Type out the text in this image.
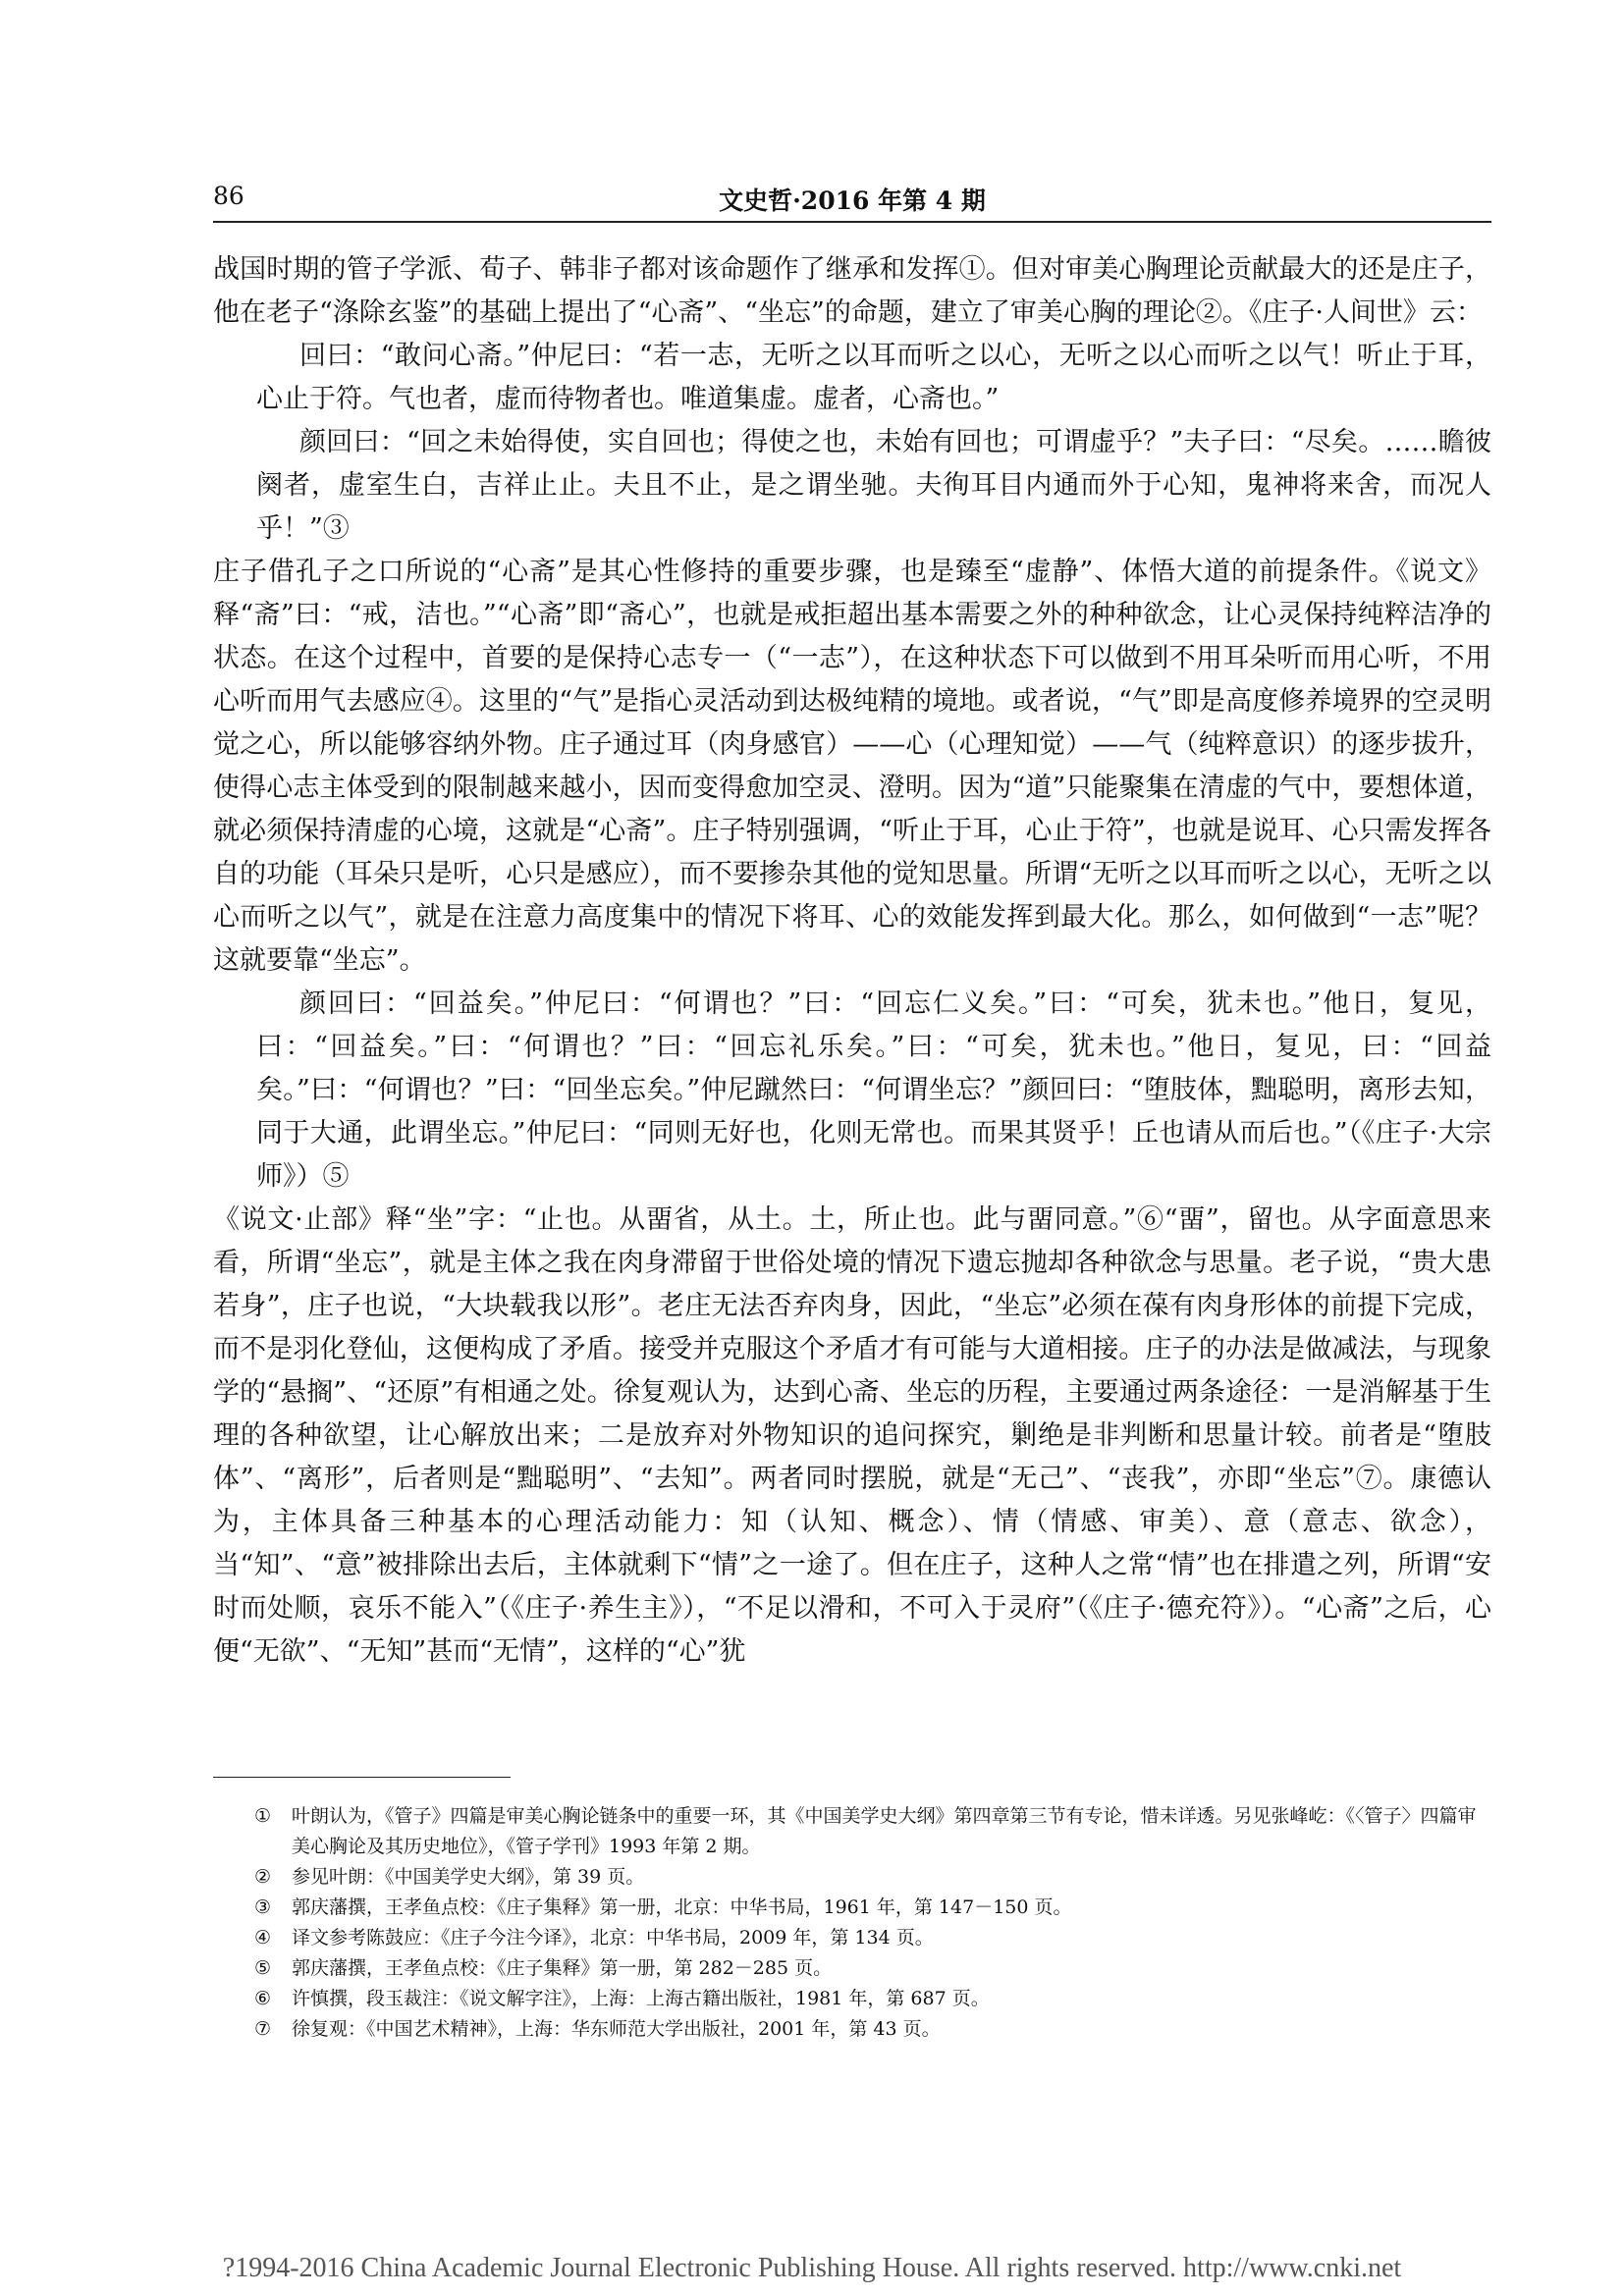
86	文史哲·2016 年第 4 期

战国时期的管子学派、荀子、韩非子都对该命题作了继承和发挥①。但对审美心胸理论贡献最大的还是庄子，他在老子“涤除玄鉴”的基础上提出了“心斋”、“坐忘”的命题，建立了审美心胸的理论②。《庄子·人间世》云：

回曰：“敢问心斋。”仲尼曰：“若一志，无听之以耳而听之以心，无听之以心而听之以气！听止于耳，心止于符。气也者，虚而待物者也。唯道集虚。虚者，心斋也。”

颜回曰：“回之未始得使，实自回也；得使之也，未始有回也；可谓虚乎？”夫子曰：“尽矣。……瞻彼阕者，虚室生白，吉祥止止。夫且不止，是之谓坐驰。夫徇耳目内通而外于心知，鬼神将来舍，而况人乎！”③

庄子借孔子之口所说的“心斋”是其心性修持的重要步骤，也是臻至“虚静”、体悟大道的前提条件。《说文》释“斋”曰：“戒，洁也。”“心斋”即“斋心”，也就是戒拒超出基本需要之外的种种欲念，让心灵保持纯粹洁净的状态。在这个过程中，首要的是保持心志专一（“一志”），在这种状态下可以做到不用耳朵听而用心听，不用心听而用气去感应④。这里的“气”是指心灵活动到达极纯精的境地。或者说，“气”即是高度修养境界的空灵明觉之心，所以能够容纳外物。庄子通过耳（肉身感官）——心（心理知觉）——气（纯粹意识）的逐步拔升，使得心志主体受到的限制越来越小，因而变得愈加空灵、澄明。因为“道”只能聚集在清虚的气中，要想体道，就必须保持清虚的心境，这就是“心斋”。庄子特别强调，“听止于耳，心止于符”，也就是说耳、心只需发挥各自的功能（耳朵只是听，心只是感应），而不要掺杂其他的觉知思量。所谓“无听之以耳而听之以心，无听之以心而听之以气”，就是在注意力高度集中的情况下将耳、心的效能发挥到最大化。那么，如何做到“一志”呢？这就要靠“坐忘”。

颜回曰：“回益矣。”仲尼曰：“何谓也？”曰：“回忘仁义矣。”曰：“可矣，犹未也。”他日，复见，曰：“回益矣。”曰：“何谓也？”曰：“回忘礼乐矣。”曰：“可矣，犹未也。”他日，复见，曰：“回益矣。”曰：“何谓也？”曰：“回坐忘矣。”仲尼蹴然曰：“何谓坐忘？”颜回曰：“堕肢体，黜聪明，离形去知，同于大通，此谓坐忘。”仲尼曰：“同则无好也，化则无常也。而果其贤乎！丘也请从而后也。”（《庄子·大宗师》）⑤

《说文·止部》释“坐”字：“止也。从畱省，从土。土，所止也。此与畱同意。”⑥“畱”，留也。从字面意思来看，所谓“坐忘”，就是主体之我在肉身滞留于世俗处境的情况下遗忘抛却各种欲念与思量。老子说，“贵大患若身”，庄子也说，“大块载我以形”。老庄无法否弃肉身，因此，“坐忘”必须在葆有肉身形体的前提下完成，而不是羽化登仙，这便构成了矛盾。接受并克服这个矛盾才有可能与大道相接。庄子的办法是做减法，与现象学的“悬搁”、“还原”有相通之处。徐复观认为，达到心斋、坐忘的历程，主要通过两条途径：一是消解基于生理的各种欲望，让心解放出来；二是放弃对外物知识的追问探究，剿绝是非判断和思量计较。前者是“堕肢体”、“离形”，后者则是“黜聪明”、“去知”。两者同时摆脱，就是“无己”、“丧我”，亦即“坐忘”⑦。康德认为，主体具备三种基本的心理活动能力：知（认知、概念）、情（情感、审美）、意（意志、欲念），当“知”、“意”被排除出去后，主体就剩下“情”之一途了。但在庄子，这种人之常“情”也在排遣之列，所谓“安时而处顺，哀乐不能入”（《庄子·养生主》），“不足以滑和，不可入于灵府”（《庄子·德充符》）。“心斋”之后，心便“无欲”、“无知”甚而“无情”，这样的“心”犹

① 叶朗认为，《管子》四篇是审美心胸论链条中的重要一环，其《中国美学史大纲》第四章第三节有专论，惜未详透。另见张峰屹：《〈管子〉四篇审美心胸论及其历史地位》，《管子学刊》1993 年第 2 期。
② 参见叶朗：《中国美学史大纲》，第 39 页。
③ 郭庆藩撰，王孝鱼点校：《庄子集释》第一册，北京：中华书局，1961 年，第 147－150 页。
④ 译文参考陈鼓应：《庄子今注今译》，北京：中华书局，2009 年，第 134 页。
⑤ 郭庆藩撰，王孝鱼点校：《庄子集释》第一册，第 282－285 页。
⑥ 许慎撰，段玉裁注：《说文解字注》，上海：上海古籍出版社，1981 年，第 687 页。
⑦ 徐复观：《中国艺术精神》，上海：华东师范大学出版社，2001 年，第 43 页。
?1994-2016 China Academic Journal Electronic Publishing House. All rights reserved. http://www.cnki.net
